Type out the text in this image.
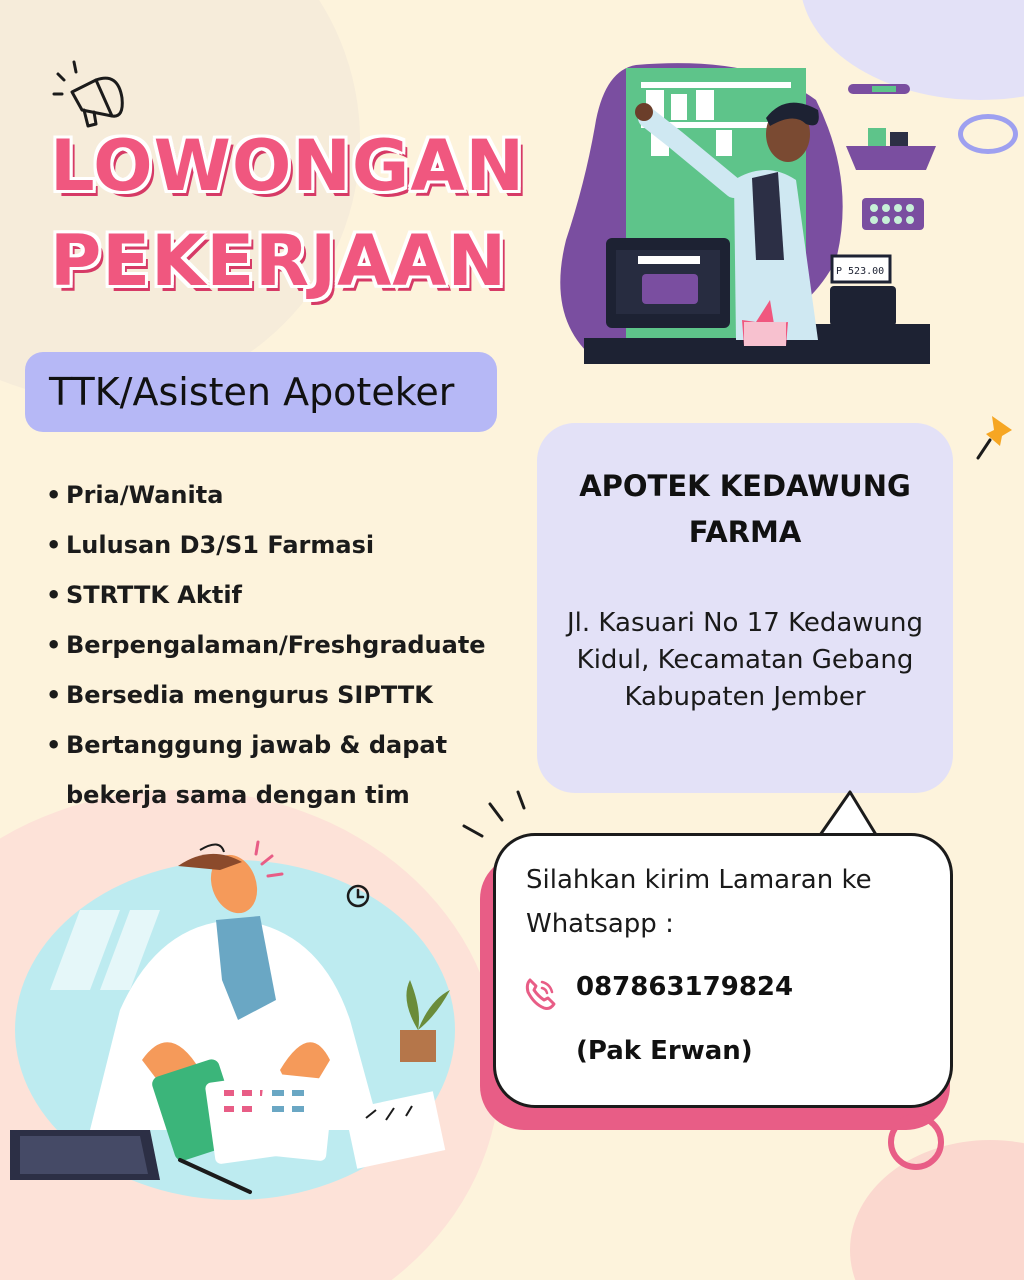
LOWONGAN
PEKERJAAN
TTK/Asisten Apoteker
• Pria/Wanita
• Lulusan D3/S1 Farmasi
• STRTTK Aktif
• Berpengalaman/Freshgraduate
• Bersedia mengurus SIPTTK
• Bertanggung jawab & dapat bekerja sama dengan tim
P 523.00
APOTEK KEDAWUNG FARMA
Jl. Kasuari No 17 Kedawung Kidul, Kecamatan Gebang Kabupaten Jember
Silahkan kirim Lamaran ke Whatsapp :
087863179824
(Pak Erwan)
